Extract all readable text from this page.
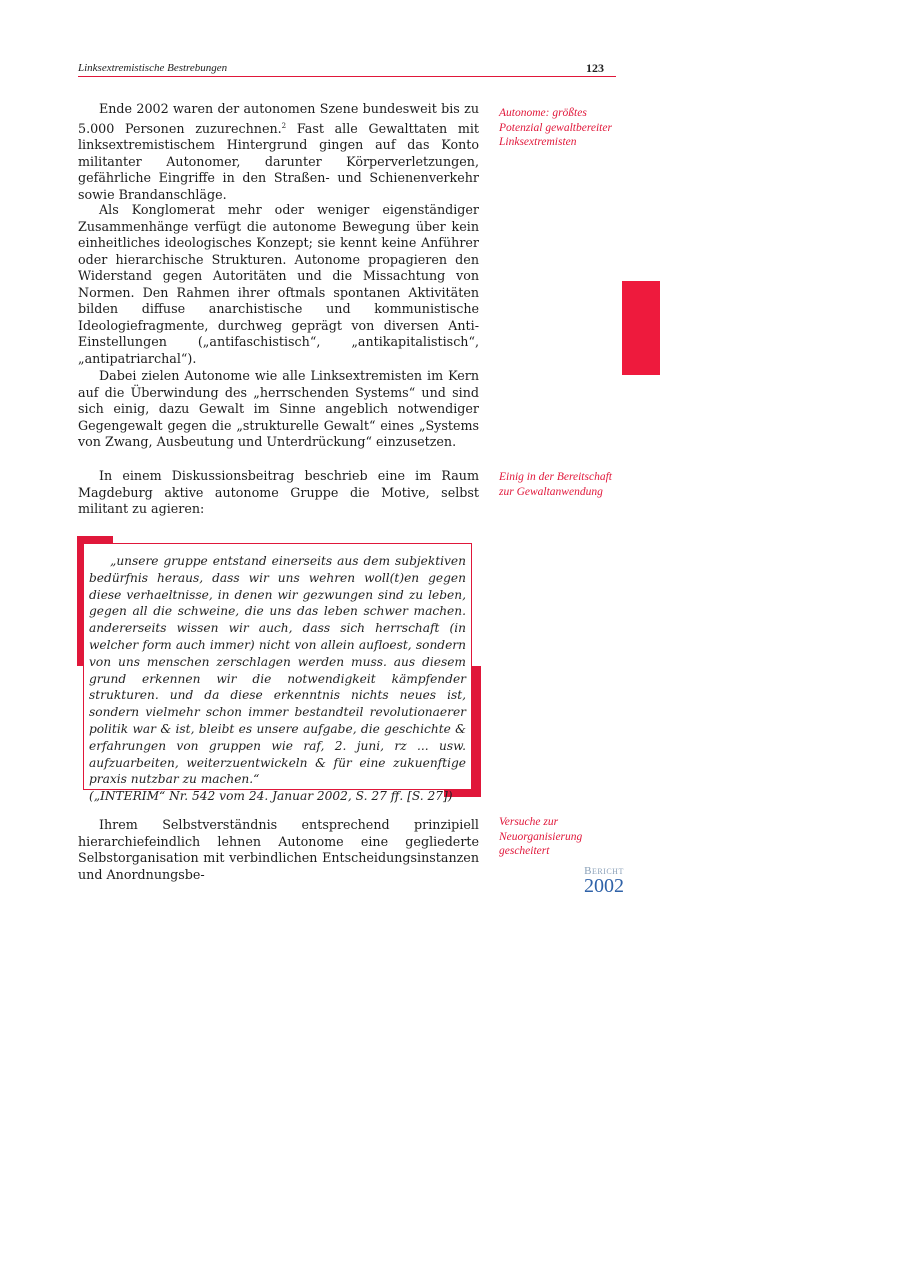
Linksextremistische Bestrebungen	123

Ende 2002 waren der autonomen Szene bundesweit bis zu 5.000 Personen zuzurechnen.$^2$ Fast alle Gewalttaten mit linksextremistischem Hintergrund gingen auf das Konto militanter Autonomer, darunter Körperverletzungen, gefährliche Eingriffe in den Straßen- und Schienenverkehr sowie Brandanschläge.

Als Konglomerat mehr oder weniger eigenständiger Zusammenhänge verfügt die autonome Bewegung über kein einheitliches ideologisches Konzept; sie kennt keine Anführer oder hierarchische Strukturen. Autonome propagieren den Widerstand gegen Autoritäten und die Missachtung von Normen. Den Rahmen ihrer oftmals spontanen Aktivitäten bilden diffuse anarchistische und kommunistische Ideologiefragmente, durchweg geprägt von diversen Anti-Einstellungen („antifaschistisch“, „antikapitalistisch“, „antipatriarchal“).

Dabei zielen Autonome wie alle Linksextremisten im Kern auf die Überwindung des „herrschenden Systems“ und sind sich einig, dazu Gewalt im Sinne angeblich notwendiger Gegengewalt gegen die „strukturelle Gewalt“ eines „Systems von Zwang, Ausbeutung und Unterdrückung“ einzusetzen.

In einem Diskussionsbeitrag beschrieb eine im Raum Magdeburg aktive autonome Gruppe die Motive, selbst militant zu agieren:

„unsere gruppe entstand einerseits aus dem subjektiven bedürfnis heraus, dass wir uns wehren woll(t)en gegen diese verhaeltnisse, in denen wir gezwungen sind zu leben, gegen all die schweine, die uns das leben schwer machen. andererseits wissen wir auch, dass sich herrschaft (in welcher form auch immer) nicht von allein aufloest, sondern von uns menschen zerschlagen werden muss. aus diesem grund erkennen wir die notwendigkeit kämpfender strukturen. und da diese erkenntnis nichts neues ist, sondern vielmehr schon immer bestandteil revolutionaerer politik war & ist, bleibt es unsere aufgabe, die geschichte & erfahrungen von gruppen wie raf, 2. juni, rz ... usw. aufzuarbeiten, weiterzuentwickeln & für eine zukuenftige praxis nutzbar zu machen.“

(„INTERIM“ Nr. 542 vom 24. Januar 2002, S. 27 ff. [S. 27])

Ihrem Selbstverständnis entsprechend prinzipiell hierarchiefeindlich lehnen Autonome eine gegliederte Selbstorganisation mit verbindlichen Entscheidungsinstanzen und Anordnungsbe-

Autonome: größtes Potenzial gewaltbereiter Linksextremisten
Einig in der Bereitschaft zur Gewaltanwendung
Versuche zur Neuorganisierung gescheitert
Bericht
2002
